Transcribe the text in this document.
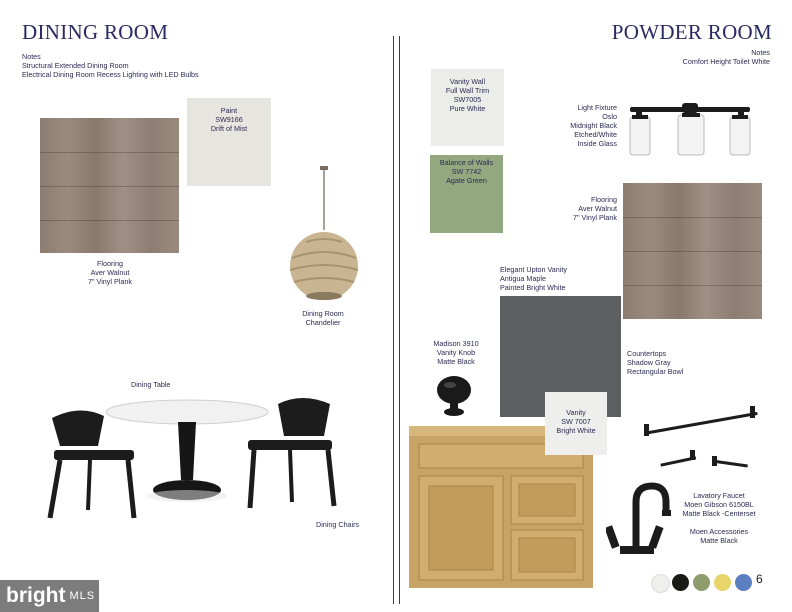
DINING ROOM
Notes
Structural Extended Dining Room
Electrical Dining Room Recess Lighting with LED Bulbs
Paint
SW9166
Drift of Mist
Flooring
Aver Walnut
7" Vinyl Plank
Dining Room
Chandelier
Dining Table
Dining Chairs
POWDER ROOM
Notes
Comfort Height Toilet White
Vanity Wall
Full Wall Trim
SW7005
Pure White
Balance of Walls
SW 7742
Agate Green
Light Fixture
Oslo
Midnight Black
Etched/White
Inside Glass
Flooring
Aver Walnut
7" Vinyl Plank
Elegant Upton Vanity
Antigua Maple
Painted Bright White
Madison 3910
Vanity Knob
Matte Black
Countertops
Shadow Gray
Rectangular Bowl
Vanity
SW 7007
Bright White
Lavatory Faucet
Moen Gibson 6150BL
Matte Black -Centerset
Moen Accessories
Matte Black
6
bright MLS
